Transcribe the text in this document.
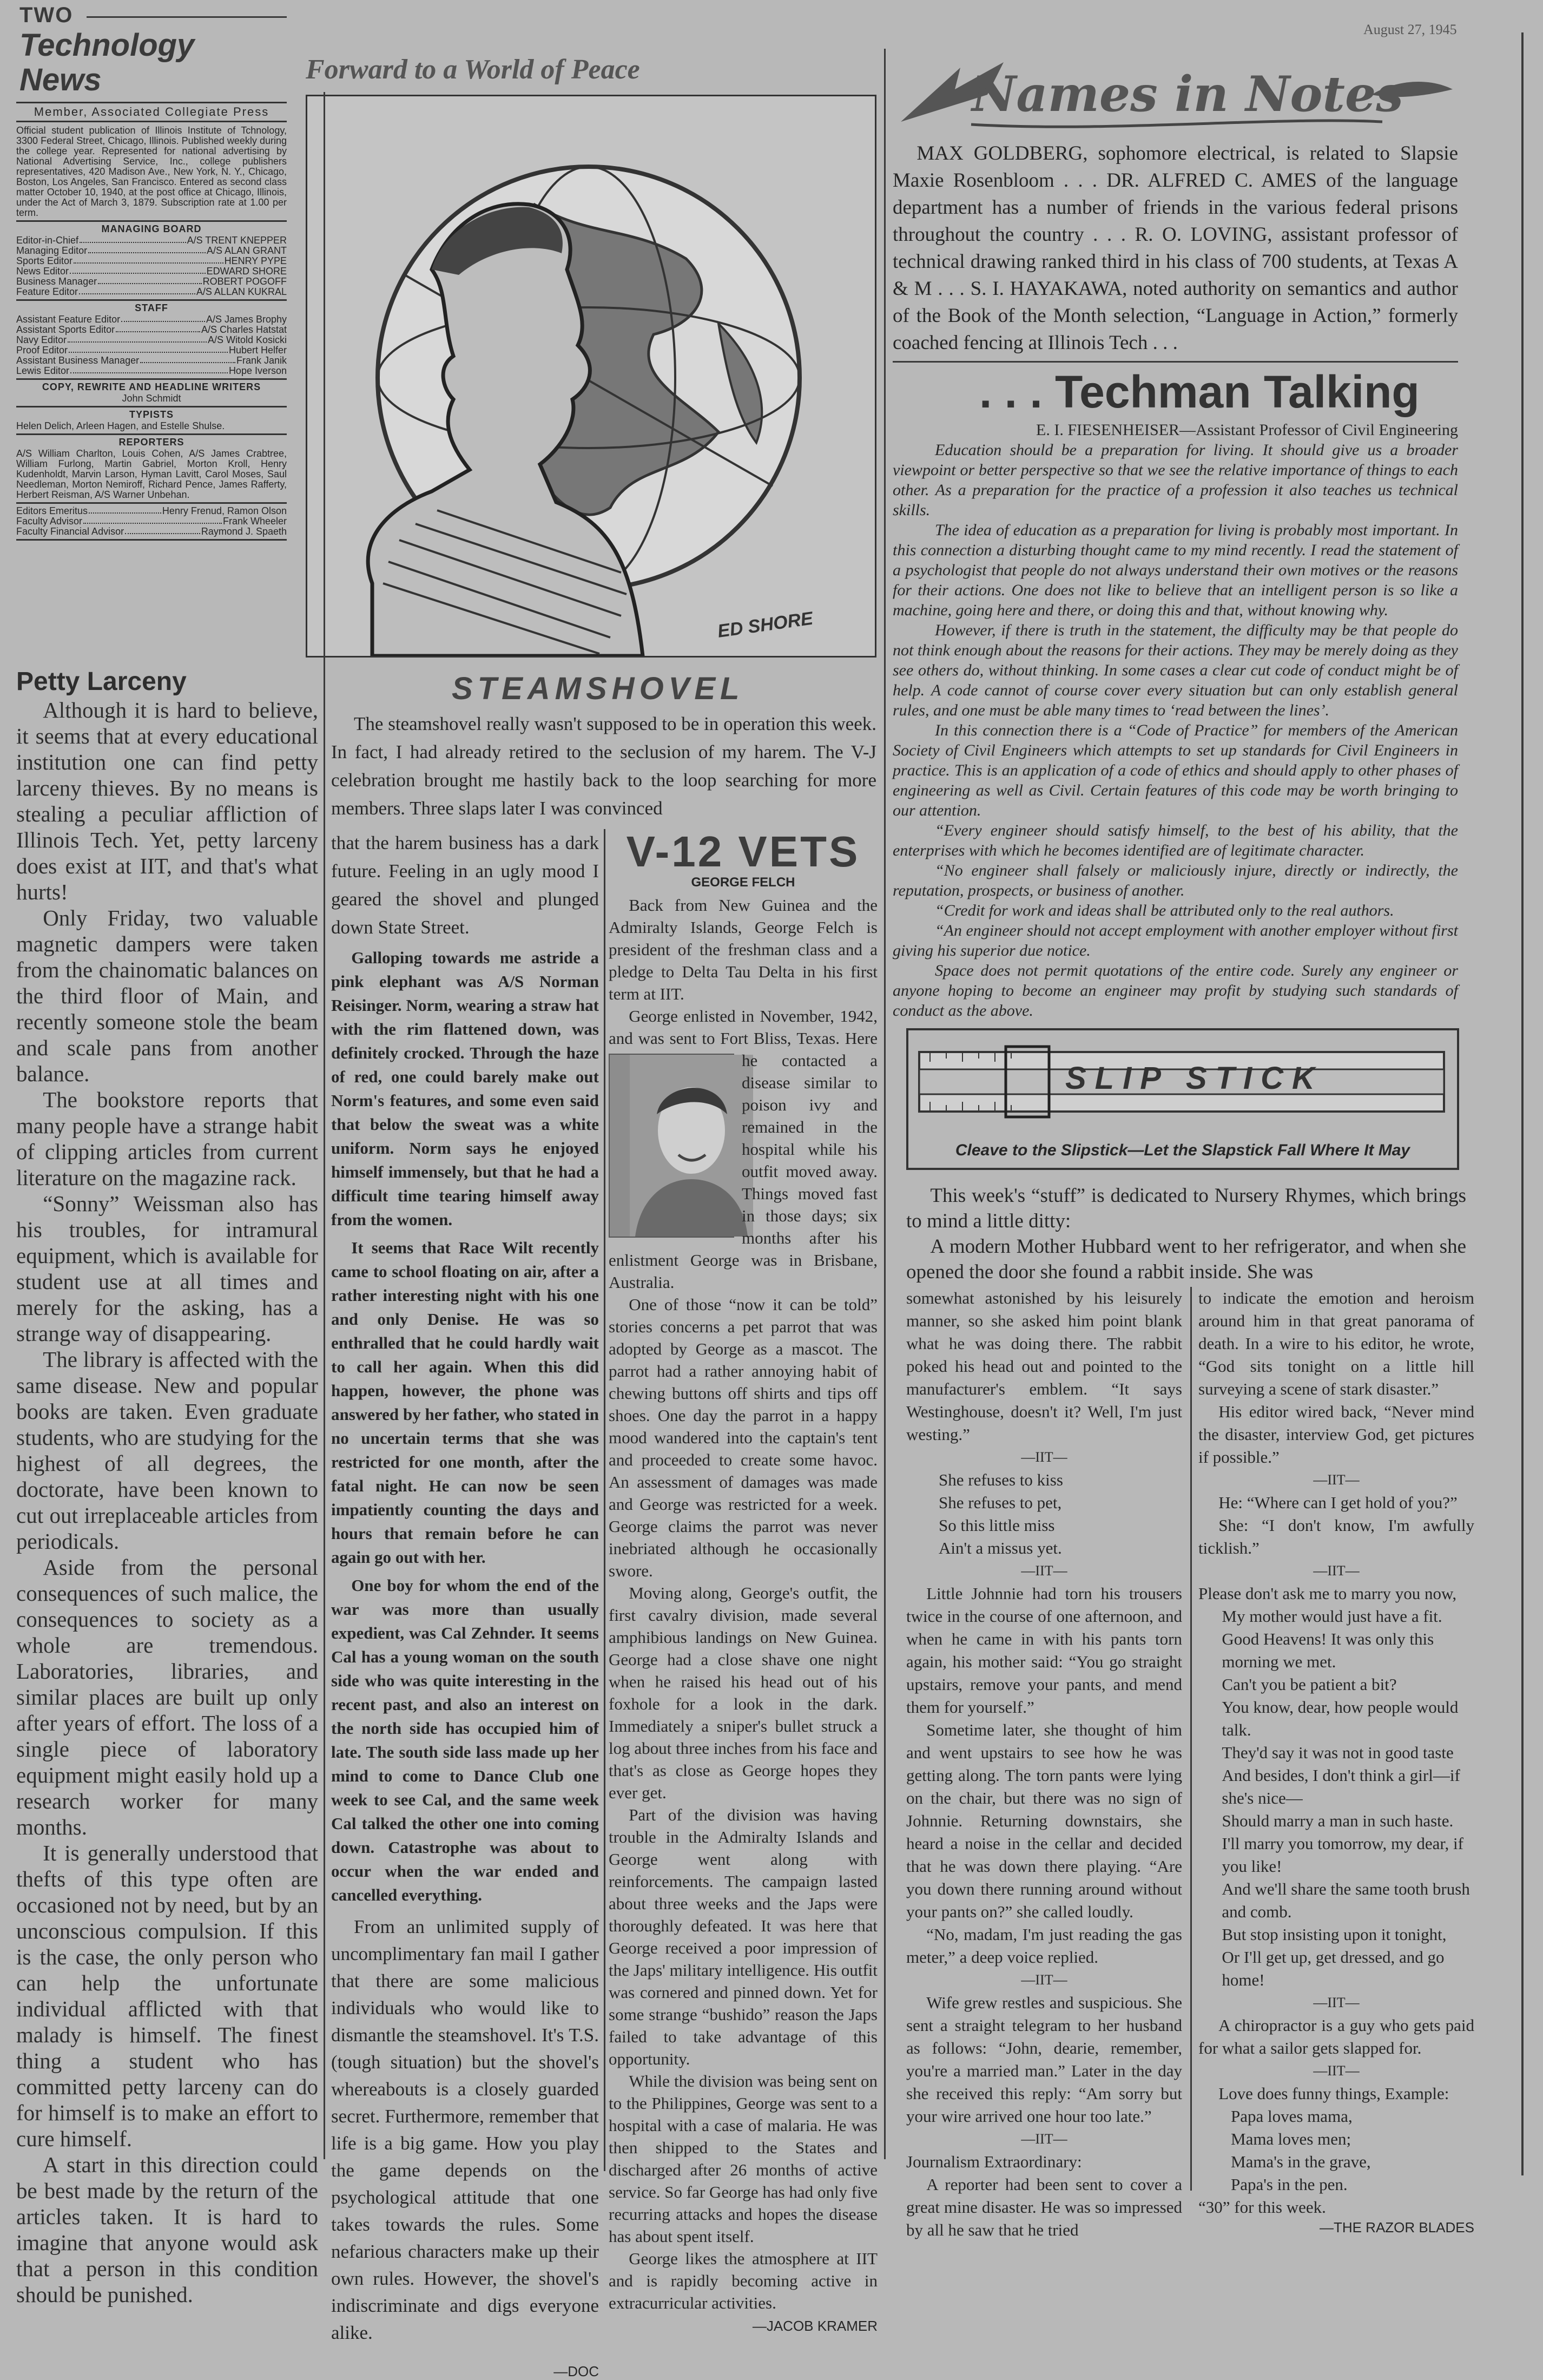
TWO
August 27, 1945
Technology News
Member, Associated Collegiate Press

Official student publication of Illinois Institute of Tchnology, 3300 Federal Street, Chicago, Illinois. Published weekly during the college year. Represented for national advertising by National Advertising Service, Inc., college publishers representatives, 420 Madison Ave., New York, N. Y., Chicago, Boston, Los Angeles, San Francisco. Entered as second class matter October 10, 1940, at the post office at Chicago, Illinois, under the Act of March 3, 1879. Subscription rate at 1.00 per term.

MANAGING BOARD
Editor-in-Chief	A/S TRENT KNEPPER
Managing Editor	A/S ALAN GRANT
Sports Editor	HENRY PYPE
News Editor	EDWARD SHORE
Business Manager	ROBERT POGOFF
Feature Editor	A/S ALLAN KUKRAL
STAFF
Assistant Feature Editor	A/S James Brophy
Assistant Sports Editor	A/S Charles Hatstat
Navy Editor	A/S Witold Kosicki
Proof Editor	Hubert Helfer
Assistant Business Manager	Frank Janik
Lewis Editor	Hope Iverson
COPY, REWRITE AND HEADLINE WRITERS
John Schmidt
TYPISTS
Helen Delich, Arleen Hagen, and Estelle Shulse.
REPORTERS

A/S William Charlton, Louis Cohen, A/S James Crabtree, William Furlong, Martin Gabriel, Morton Kroll, Henry Kudenholdt, Marvin Larson, Hyman Lavitt, Carol Moses, Saul Needleman, Morton Nemiroff, Richard Pence, James Rafferty, Herbert Reisman, A/S Warner Unbehan.

Editors Emeritus	Henry Frenud, Ramon Olson
Faculty Advisor	Frank Wheeler
Faculty Financial Advisor	Raymond J. Spaeth
Petty Larceny

Although it is hard to believe, it seems that at every educational institution one can find petty larceny thieves. By no means is stealing a peculiar affliction of Illinois Tech. Yet, petty larceny does exist at IIT, and that's what hurts!

Only Friday, two valuable magnetic dampers were taken from the chainomatic balances on the third floor of Main, and recently someone stole the beam and scale pans from another balance.

The bookstore reports that many people have a strange habit of clipping articles from current literature on the magazine rack.

“Sonny” Weissman also has his troubles, for intramural equipment, which is available for student use at all times and merely for the asking, has a strange way of disappearing.

The library is affected with the same disease. New and popular books are taken. Even graduate students, who are studying for the highest of all degrees, the doctorate, have been known to cut out irreplaceable articles from periodicals.

Aside from the personal consequences of such malice, the consequences to society as a whole are tremendous. Laboratories, libraries, and similar places are built up only after years of effort. The loss of a single piece of laboratory equipment might easily hold up a research worker for many months.

It is generally understood that thefts of this type often are occasioned not by need, but by an unconscious compulsion. If this is the case, the only person who can help the unfortunate individual afflicted with that malady is himself. The finest thing a student who has committed petty larceny can do for himself is to make an effort to cure himself.

A start in this direction could be best made by the return of the articles taken. It is hard to imagine that anyone would ask that a person in this condition should be punished.

Forward to a World of Peace
ED SHORE
STEAMSHOVEL

The steamshovel really wasn't supposed to be in operation this week. In fact, I had already retired to the seclusion of my harem. The V-J celebration brought me hastily back to the loop searching for more members. Three slaps later I was convinced

that the harem business has a dark future. Feeling in an ugly mood I geared the shovel and plunged down State Street.

Galloping towards me astride a pink elephant was A/S Norman Reisinger. Norm, wearing a straw hat with the rim flattened down, was definitely crocked. Through the haze of red, one could barely make out Norm's features, and some even said that below the sweat was a white uniform. Norm says he enjoyed himself immensely, but that he had a difficult time tearing himself away from the women.

It seems that Race Wilt recently came to school floating on air, after a rather interesting night with his one and only Denise. He was so enthralled that he could hardly wait to call her again. When this did happen, however, the phone was answered by her father, who stated in no uncertain terms that she was restricted for one month, after the fatal night. He can now be seen impatiently counting the days and hours that remain before he can again go out with her.

One boy for whom the end of the war was more than usually expedient, was Cal Zehnder. It seems Cal has a young woman on the south side who was quite interesting in the recent past, and also an interest on the north side has occupied him of late. The south side lass made up her mind to come to Dance Club one week to see Cal, and the same week Cal talked the other one into coming down. Catastrophe was about to occur when the war ended and cancelled everything.

From an unlimited supply of uncomplimentary fan mail I gather that there are some malicious individuals who would like to dismantle the steamshovel. It's T.S. (tough situation) but the shovel's whereabouts is a closely guarded secret. Furthermore, remember that life is a big game. How you play the game depends on the psychological attitude that one takes towards the rules. Some nefarious characters make up their own rules. However, the shovel's indiscriminate and digs everyone alike.

—DOC
V-12 VETS
GEORGE FELCH

Back from New Guinea and the Admiralty Islands, George Felch is president of the freshman class and a pledge to Delta Tau Delta in his first term at IIT.

George enlisted in November, 1942, and was sent to Fort Bliss, Texas. Here he contacted a disease similar to poison ivy and remained in the hospital while his outfit moved away. Things moved fast in those days; six months after his enlistment George was in Brisbane, Australia.

One of those “now it can be told” stories concerns a pet parrot that was adopted by George as a mascot. The parrot had a rather annoying habit of chewing buttons off shirts and tips off shoes. One day the parrot in a happy mood wandered into the captain's tent and proceeded to create some havoc. An assessment of damages was made and George was restricted for a week. George claims the parrot was never inebriated although he occasionally swore.

Moving along, George's outfit, the first cavalry division, made several amphibious landings on New Guinea. George had a close shave one night when he raised his head out of his foxhole for a look in the dark. Immediately a sniper's bullet struck a log about three inches from his face and that's as close as George hopes they ever get.

Part of the division was having trouble in the Admiralty Islands and George went along with reinforcements. The campaign lasted about three weeks and the Japs were thoroughly defeated. It was here that George received a poor impression of the Japs' military intelligence. His outfit was cornered and pinned down. Yet for some strange “bushido” reason the Japs failed to take advantage of this opportunity.

While the division was being sent on to the Philippines, George was sent to a hospital with a case of malaria. He was then shipped to the States and discharged after 26 months of active service. So far George has had only five recurring attacks and hopes the disease has about spent itself.

George likes the atmosphere at IIT and is rapidly becoming active in extracurricular activities.

—JACOB KRAMER
Names in Notes

MAX GOLDBERG, sophomore electrical, is related to Slapsie Maxie Rosenbloom . . . DR. ALFRED C. AMES of the language department has a number of friends in the various federal prisons throughout the country . . . R. O. LOVING, assistant professor of technical drawing ranked third in his class of 700 students, at Texas A & M . . . S. I. HAYAKAWA, noted authority on semantics and author of the Book of the Month selection, “Language in Action,” formerly coached fencing at Illinois Tech . . .

. . . Techman Talking
E. I. FIESENHEISER—Assistant Professor of Civil Engineering

Education should be a preparation for living. It should give us a broader viewpoint or better perspective so that we see the relative importance of things to each other. As a preparation for the practice of a profession it also teaches us technical skills.

The idea of education as a preparation for living is probably most important. In this connection a disturbing thought came to my mind recently. I read the statement of a psychologist that people do not always understand their own motives or the reasons for their actions. One does not like to believe that an intelligent person is so like a machine, going here and there, or doing this and that, without knowing why.

However, if there is truth in the statement, the difficulty may be that people do not think enough about the reasons for their actions. They may be merely doing as they see others do, without thinking. In some cases a clear cut code of conduct might be of help. A code cannot of course cover every situation but can only establish general rules, and one must be able many times to ‘read between the lines’.

In this connection there is a “Code of Practice” for members of the American Society of Civil Engineers which attempts to set up standards for Civil Engineers in practice. This is an application of a code of ethics and should apply to other phases of engineering as well as Civil. Certain features of this code may be worth bringing to our attention.

“Every engineer should satisfy himself, to the best of his ability, that the enterprises with which he becomes identified are of legitimate character.

“No engineer shall falsely or maliciously injure, directly or indirectly, the reputation, prospects, or business of another.

“Credit for work and ideas shall be attributed only to the real authors.

“An engineer should not accept employment with another employer without first giving his superior due notice.

Space does not permit quotations of the entire code. Surely any engineer or anyone hoping to become an engineer may profit by studying such standards of conduct as the above.

SLIP STICK
Cleave to the Slipstick—Let the Slapstick Fall Where It May

This week's “stuff” is dedicated to Nursery Rhymes, which brings to mind a little ditty:

A modern Mother Hubbard went to her refrigerator, and when she opened the door she found a rabbit inside. She was

somewhat astonished by his leisurely manner, so she asked him point blank what he was doing there. The rabbit poked his head out and pointed to the manufacturer's emblem. “It says Westinghouse, doesn't it? Well, I'm just westing.”

—IIT—

She refuses to kiss
She refuses to pet,
So this little miss
Ain't a missus yet.

—IIT—

Little Johnnie had torn his trousers twice in the course of one afternoon, and when he came in with his pants torn again, his mother said: “You go straight upstairs, remove your pants, and mend them for yourself.”

Sometime later, she thought of him and went upstairs to see how he was getting along. The torn pants were lying on the chair, but there was no sign of Johnnie. Returning downstairs, she heard a noise in the cellar and decided that he was down there playing. “Are you down there running around without your pants on?” she called loudly.

“No, madam, I'm just reading the gas meter,” a deep voice replied.

—IIT—

Wife grew restles and suspicious. She sent a straight telegram to her husband as follows: “John, dearie, remember, you're a married man.” Later in the day she received this reply: “Am sorry but your wire arrived one hour too late.”

—IIT—

Journalism Extraordinary:

A reporter had been sent to cover a great mine disaster. He was so impressed by all he saw that he tried

to indicate the emotion and heroism around him in that great panorama of death. In a wire to his editor, he wrote, “God sits tonight on a little hill surveying a scene of stark disaster.”

His editor wired back, “Never mind the disaster, interview God, get pictures if possible.”

—IIT—

He: “Where can I get hold of you?”

She: “I don't know, I'm awfully ticklish.”

—IIT—

Please don't ask me to marry you now,
My mother would just have a fit.
Good Heavens! It was only this morning we met.
Can't you be patient a bit?
You know, dear, how people would talk.
They'd say it was not in good taste
And besides, I don't think a girl—if she's nice—
Should marry a man in such haste.
I'll marry you tomorrow, my dear, if you like!
And we'll share the same tooth brush and comb.
But stop insisting upon it tonight,
Or I'll get up, get dressed, and go home!

—IIT—

A chiropractor is a guy who gets paid for what a sailor gets slapped for.

—IIT—

Love does funny things, Example:

Papa loves mama,
Mama loves men;
Mama's in the grave,
Papa's in the pen.

“30” for this week.

—THE RAZOR BLADES
